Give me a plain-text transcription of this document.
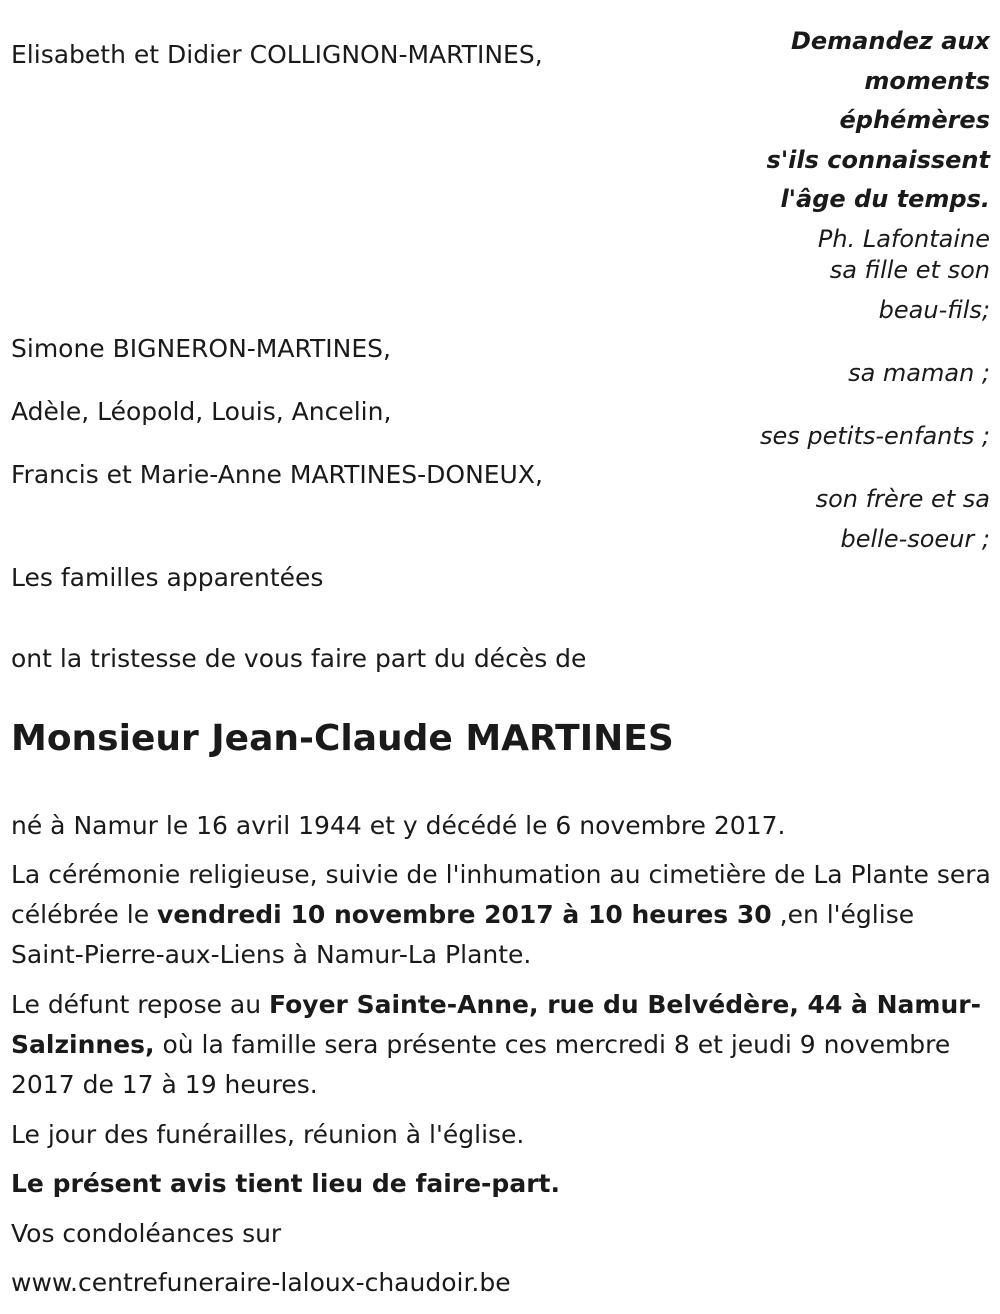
Demandez aux
moments
éphémères
s'ils connaissent
l'âge du temps.
Ph. Lafontaine
Elisabeth et Didier COLLIGNON-MARTINES,
sa fille et son
beau-fils;
Simone BIGNERON-MARTINES,
sa maman ;
Adèle, Léopold, Louis, Ancelin,
ses petits-enfants ;
Francis et Marie-Anne MARTINES-DONEUX,
son frère et sa
belle-soeur ;
Les familles apparentées
ont la tristesse de vous faire part du décès de
Monsieur Jean-Claude MARTINES
né à Namur le 16 avril 1944 et y décédé le 6 novembre 2017.

La cérémonie religieuse, suivie de l'inhumation au cimetière de La Plante sera célébrée le vendredi 10 novembre 2017 à 10 heures 30 ,en l'église Saint-Pierre-aux-Liens à Namur-La Plante.

Le défunt repose au Foyer Sainte-Anne, rue du Belvédère, 44 à Namur-Salzinnes, où la famille sera présente ces mercredi 8 et jeudi 9 novembre 2017 de 17 à 19 heures.

Le jour des funérailles, réunion à l'église.
Le présent avis tient lieu de faire-part.
Vos condoléances sur
www.centrefuneraire-laloux-chaudoir.be
